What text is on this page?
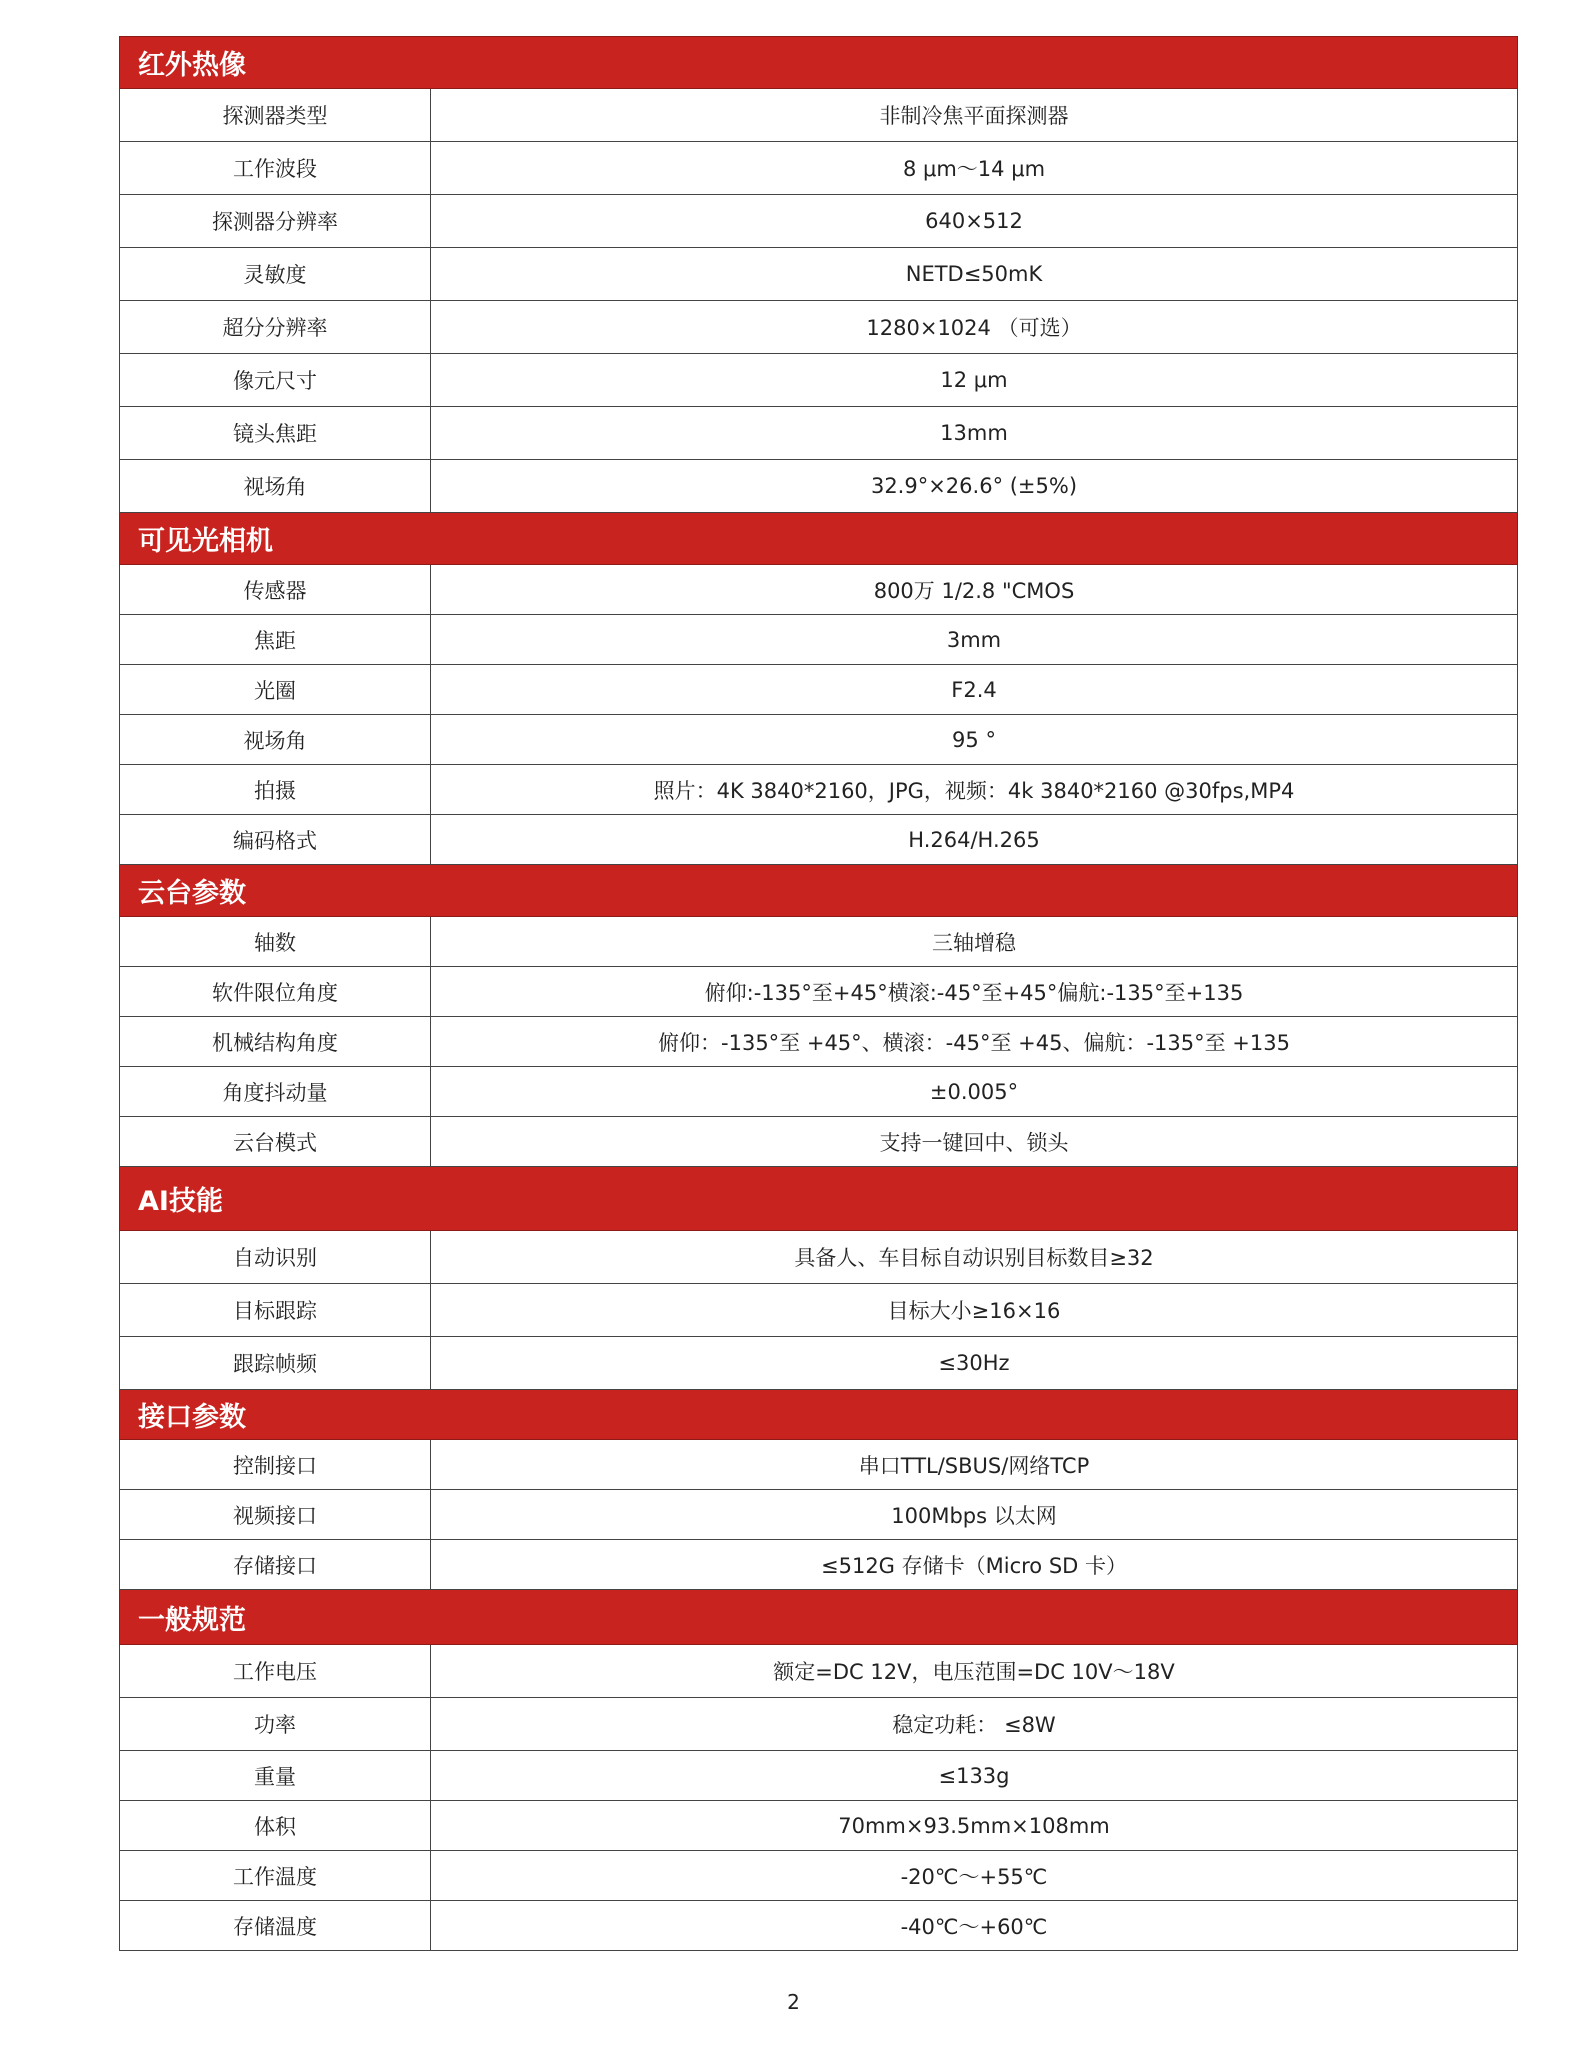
红外热像	
探测器类型	非制冷焦平面探测器
工作波段	8 μm～14 μm
探测器分辨率	640×512
灵敏度	NETD≤50mK
超分分辨率	1280×1024 （可选）
像元尺寸	12 μm
镜头焦距	13mm
视场角	32.9°×26.6° (±5%)
可见光相机	
传感器	800万 1/2.8 "CMOS
焦距	3mm
光圈	F2.4
视场角	95 °
拍摄	照片：4K 3840*2160，JPG，视频：4k 3840*2160 @30fps,MP4
编码格式	H.264/H.265
云台参数	
轴数	三轴增稳
软件限位角度	俯仰:-135°至+45°横滚:-45°至+45°偏航:-135°至+135
机械结构角度	俯仰：-135°至 +45°、横滚：-45°至 +45、偏航：-135°至 +135
角度抖动量	±0.005°
云台模式	支持一键回中、锁头
AI技能	
自动识别	具备人、车目标自动识别目标数目≥32
目标跟踪	目标大小≥16×16
跟踪帧频	≤30Hz
接口参数	
控制接口	串口TTL/SBUS/网络TCP
视频接口	100Mbps 以太网
存储接口	≤512G 存储卡（Micro SD 卡）
一般规范	
工作电压	额定=DC 12V，电压范围=DC 10V～18V
功率	稳定功耗： ≤8W
重量	≤133g
体积	70mm×93.5mm×108mm
工作温度	-20℃～+55℃
存储温度	-40℃～+60℃
2
